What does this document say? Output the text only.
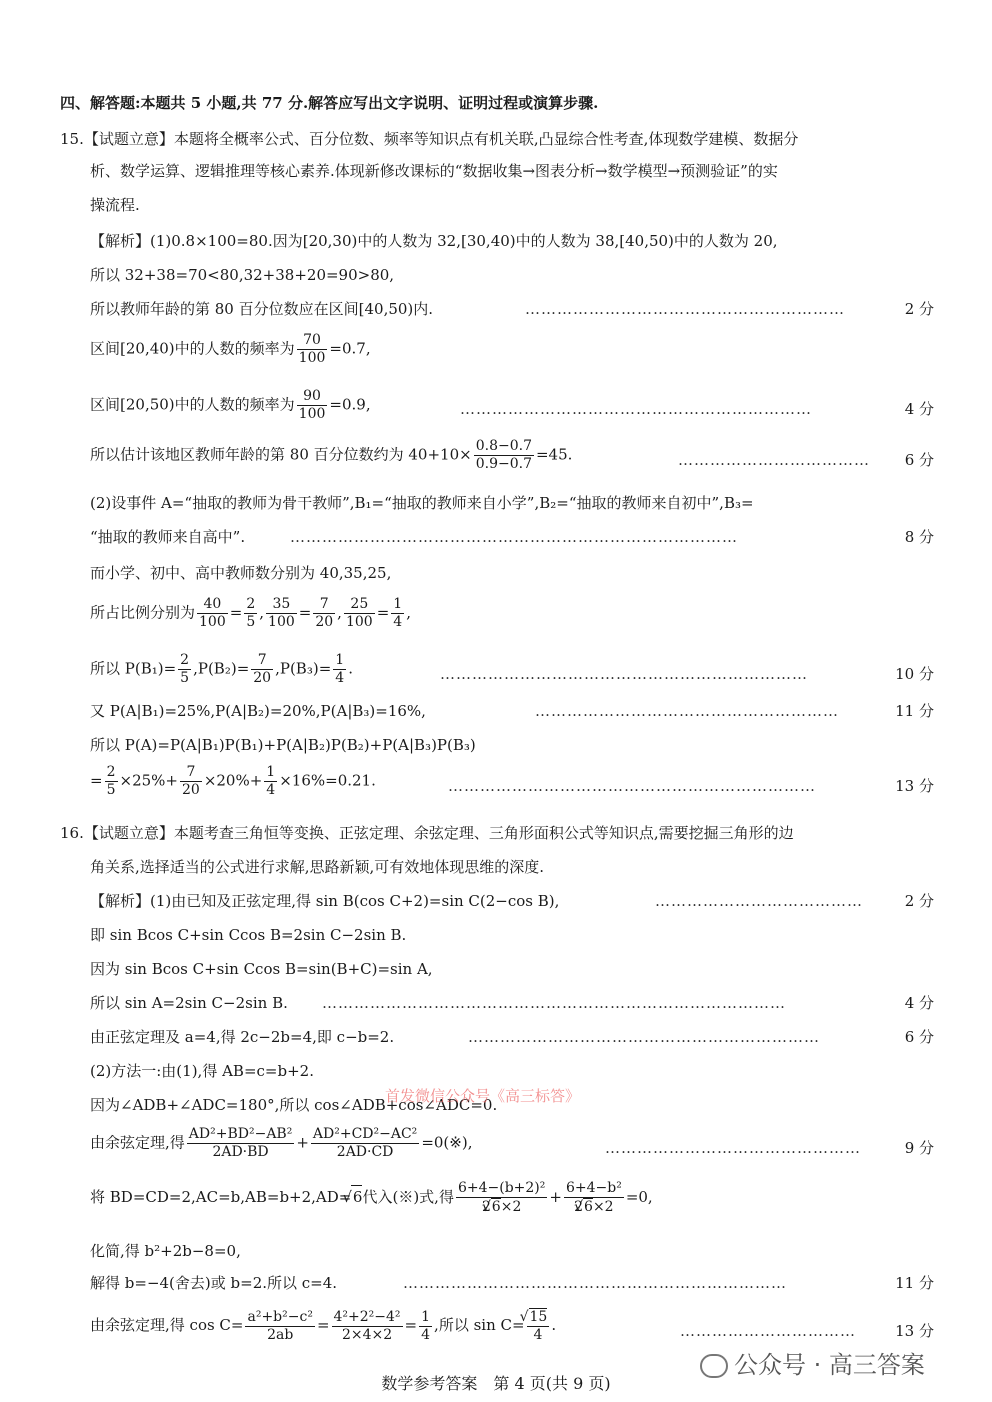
四、解答题:本题共 5 小题,共 77 分.解答应写出文字说明、证明过程或演算步骤.
15.【试题立意】本题将全概率公式、百分位数、频率等知识点有机关联,凸显综合性考查,体现数学建模、数据分
析、数学运算、逻辑推理等核心素养.体现新修改课标的“数据收集→图表分析→数学模型→预测验证”的实
操流程.
【解析】(1)0.8×100=80.因为[20,30)中的人数为 32,[30,40)中的人数为 38,[40,50)中的人数为 20,
所以 32+38=70<80,32+38+20=90>80,
所以教师年龄的第 80 百分位数应在区间[40,50)内.	……………………………………………………	2 分
区间[20,40)中的人数的频率为 $\frac{70}{100} =0.7$,
区间[20,50)中的人数的频率为 $\frac{90}{100} =0.9$,	…………………………………………………………	4 分
所以估计该地区教师年龄的第 80 百分位数约为 $40+10\times \frac{0.8-0.7}{0.9-0.7} =45$.	……………………………… 6 分
(2)设事件 A=“抽取的教师为骨干教师”,B₁=“抽取的教师来自小学”,B₂=“抽取的教师来自初中”,B₃=
“抽取的教师来自高中”.	…………………………………………………………………………	8 分
而小学、初中、高中教师数分别为 40,35,25,
所占比例分别为 $\frac{40}{100} = \frac{2}{5}$ , $\frac{35}{100} = \frac{7}{20}$ , $\frac{25}{100} = \frac{1}{4}$ ,
所以 $P(B_1)= \frac{2}{5} ,P(B_2)= \frac{7}{20} ,P(B_3)= \frac{1}{4}$ .	……………………………………………………………	10 分
又 P(A|B₁)=25%,P(A|B₂)=20%,P(A|B₃)=16%,	…………………………………………………	11 分
所以 P(A)=P(A|B₁)P(B₁)+P(A|B₂)P(B₂)+P(A|B₃)P(B₃)
= $\frac{2}{5} \times 25\%+ \frac{7}{20} \times 20\%+ \frac{1}{4} \times 16\%=0.21$.	……………………………………………………………	13 分
16.【试题立意】本题考查三角恒等变换、正弦定理、余弦定理、三角形面积公式等知识点,需要挖掘三角形的边
角关系,选择适当的公式进行求解,思路新颖,可有效地体现思维的深度.
【解析】(1)由已知及正弦定理,得 sin B(cos C+2)=sin C(2−cos B),	…………………………………	2 分
即 sin Bcos C+sin Ccos B=2sin C−2sin B.
因为 sin Bcos C+sin Ccos B=sin(B+C)=sin A,
所以 sin A=2sin C−2sin B. ……………………………………………………………………………	4 分
由正弦定理及 a=4,得 2c−2b=4,即 c−b=2.	…………………………………………………………	6 分
(2)方法一:由(1),得 AB=c=b+2.
因为∠ADB+∠ADC=180°,所以 cos∠ADB+cos∠ADC=0.
由余弦定理,得 $\frac{\text{AD²+BD²−AB²}}{2AD\cdot BD} + \frac{\text{AD²+CD²−AC²}}{2AD\cdot CD}$ =0(※),	…………………………………………	9 分
将 BD=CD=2,AC=b,AB=b+2,AD= √ 6代入(※)式,得 $\frac{\text{6+4−(b+2)²}}{2√ 6\times 2} + \frac{\text{6+4−b²}}{2√ 6\times 2} =0$,
化简,得 b²+2b−8=0,
解得 b=−4(舍去)或 b=2.所以 c=4.	………………………………………………………………	11 分
由余弦定理,得 $\cos C= \frac{\text{a²+b²−c²}}{2ab} = \frac{\text{4²+2²−4²}}{2\times 4\times 2} = \frac{1}{4}$ ,所以 sin C= √ $\frac{15}{4}$ .	……………………………	13 分
首发微信公众号《高三标答》
公众号 · 高三答案
数学参考答案　第 4 页(共 9 页)
